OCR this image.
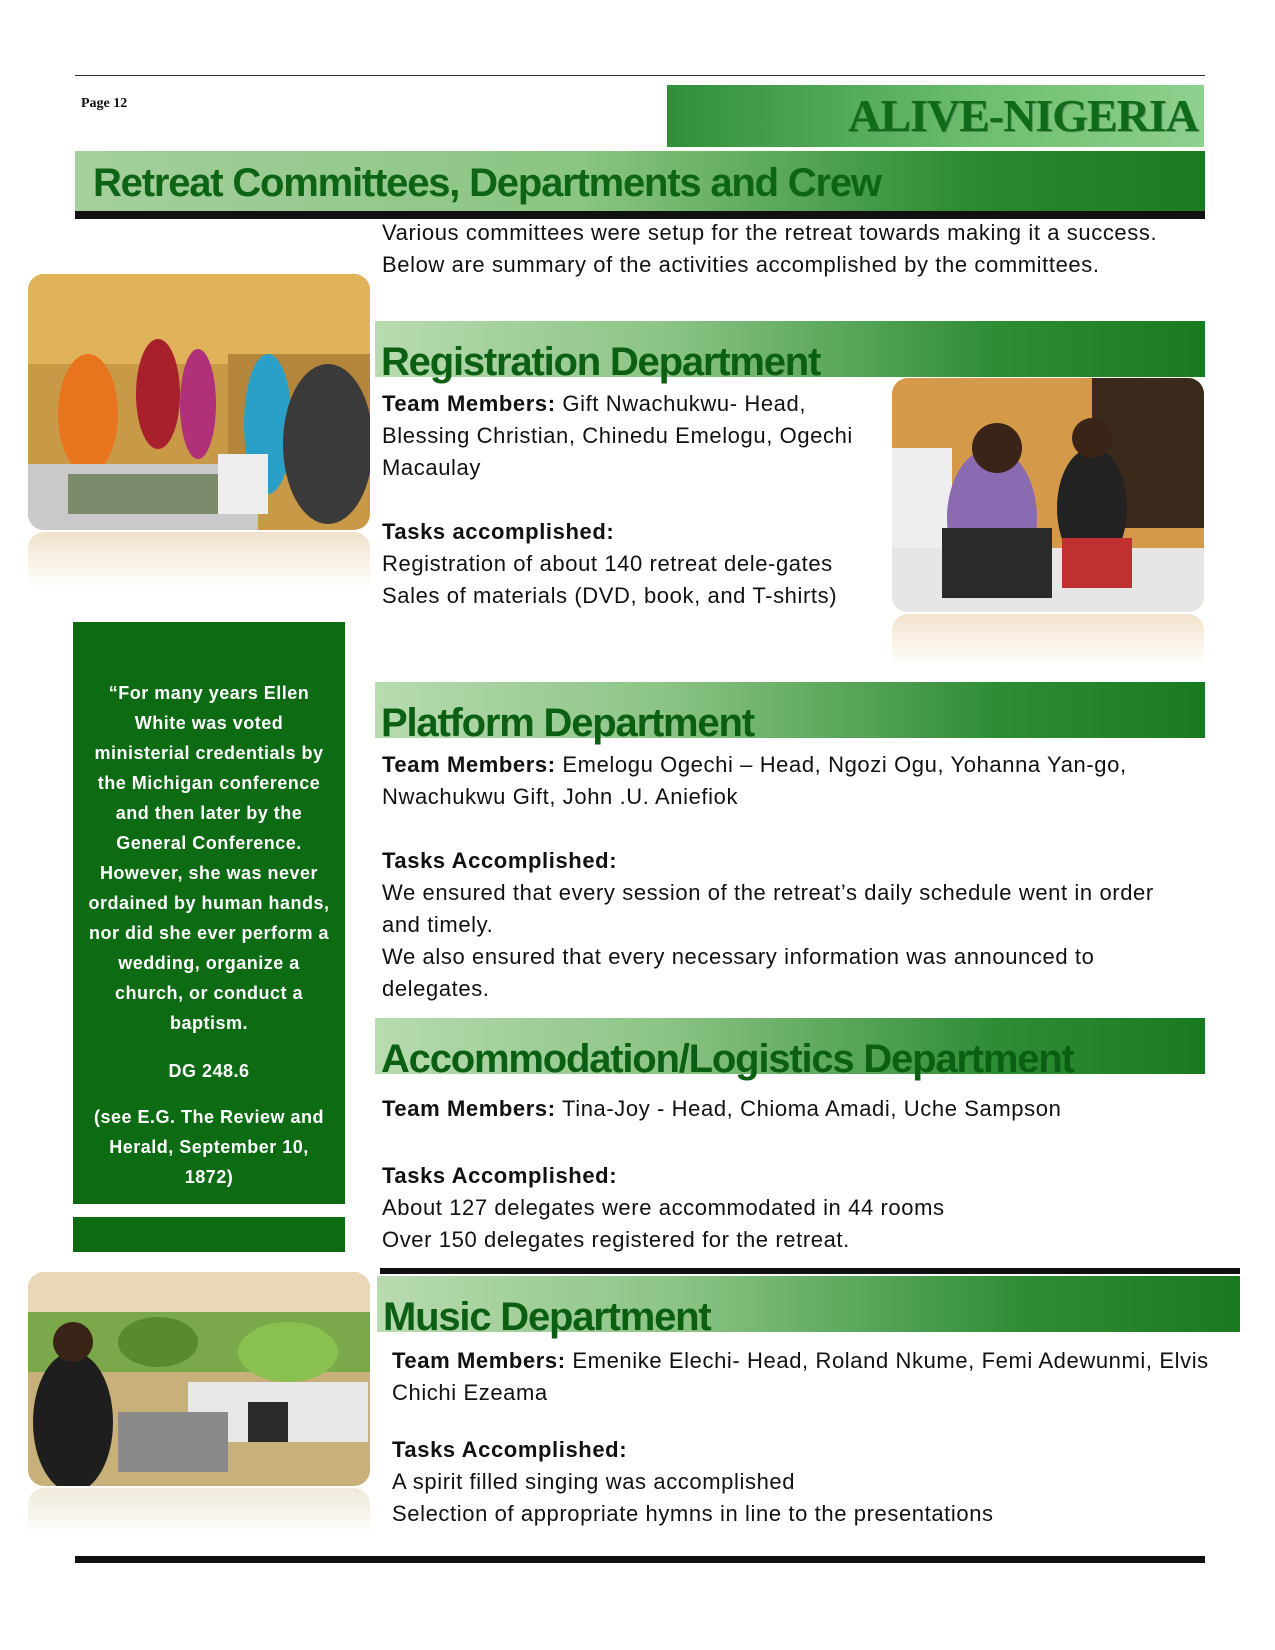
Page 12	ALIVE-NIGERIA
Retreat Committees, Departments and Crew
Various committees were setup for the retreat towards making it a success. Below are summary of the activities accomplished by the committees.

“For many years Ellen White was voted ministerial credentials by the Michigan conference and then later by the General Conference. However, she was never ordained by human hands, nor did she ever perform a wedding, organize a church, or conduct a baptism.

DG 248.6

(see E.G. The Review and Herald, September 10, 1872)

Registration Department
Team Members: Gift Nwachukwu- Head, Blessing Christian, Chinedu Emelogu, Ogechi Macaulay
Tasks accomplished:
Registration of about 140 retreat dele-gates
Sales of materials (DVD, book, and T-shirts)
Platform Department
Team Members: Emelogu Ogechi – Head, Ngozi Ogu, Yohanna Yan-go, Nwachukwu Gift, John .U. Aniefiok
Tasks Accomplished:
We ensured that every session of the retreat’s daily schedule went in order and timely.
We also ensured that every necessary information was announced to delegates.
Accommodation/Logistics Department
Team Members: Tina-Joy - Head, Chioma Amadi, Uche Sampson
Tasks Accomplished:
About 127 delegates were accommodated in 44 rooms
Over 150 delegates registered for the retreat.
Music Department
Team Members: Emenike Elechi- Head, Roland Nkume, Femi Adewunmi, Elvis Chichi Ezeama
Tasks Accomplished:
A spirit filled singing was accomplished
Selection of appropriate hymns in line to the presentations
